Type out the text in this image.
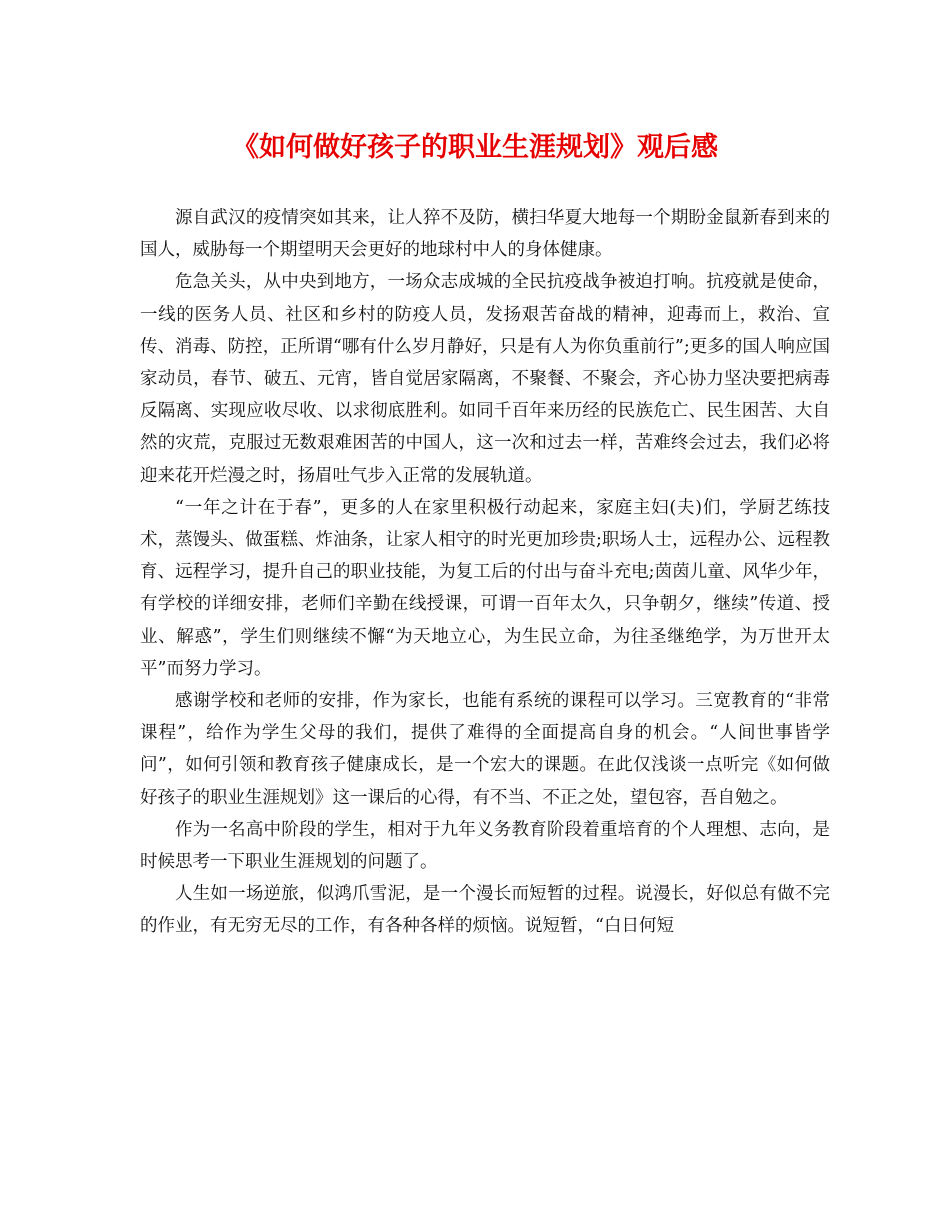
《如何做好孩子的职业生涯规划》观后感

源自武汉的疫情突如其来，让人猝不及防，横扫华夏大地每一个期盼金鼠新春到来的国人，威胁每一个期望明天会更好的地球村中人的身体健康。

危急关头，从中央到地方，一场众志成城的全民抗疫战争被迫打响。抗疫就是使命，一线的医务人员、社区和乡村的防疫人员，发扬艰苦奋战的精神，迎毒而上，救治、宣传、消毒、防控，正所谓“哪有什么岁月静好，只是有人为你负重前行”;更多的国人响应国家动员，春节、破五、元宵，皆自觉居家隔离，不聚餐、不聚会，齐心协力坚决要把病毒反隔离、实现应收尽收、以求彻底胜利。如同千百年来历经的民族危亡、民生困苦、大自然的灾荒，克服过无数艰难困苦的中国人，这一次和过去一样，苦难终会过去，我们必将迎来花开烂漫之时，扬眉吐气步入正常的发展轨道。

“一年之计在于春”，更多的人在家里积极行动起来，家庭主妇(夫)们，学厨艺练技术，蒸馒头、做蛋糕、炸油条，让家人相守的时光更加珍贵;职场人士，远程办公、远程教育、远程学习，提升自己的职业技能，为复工后的付出与奋斗充电;茵茵儿童、风华少年，有学校的详细安排，老师们辛勤在线授课，可谓一百年太久，只争朝夕，继续”传道、授业、解惑”，学生们则继续不懈“为天地立心，为生民立命，为往圣继绝学，为万世开太平”而努力学习。

感谢学校和老师的安排，作为家长，也能有系统的课程可以学习。三宽教育的“非常课程”，给作为学生父母的我们，提供了难得的全面提高自身的机会。“人间世事皆学问”，如何引领和教育孩子健康成长，是一个宏大的课题。在此仅浅谈一点听完《如何做好孩子的职业生涯规划》这一课后的心得，有不当、不正之处，望包容，吾自勉之。

作为一名高中阶段的学生，相对于九年义务教育阶段着重培育的个人理想、志向，是时候思考一下职业生涯规划的问题了。

人生如一场逆旅，似鸿爪雪泥，是一个漫长而短暂的过程。说漫长，好似总有做不完的作业，有无穷无尽的工作，有各种各样的烦恼。说短暂，“白日何短
